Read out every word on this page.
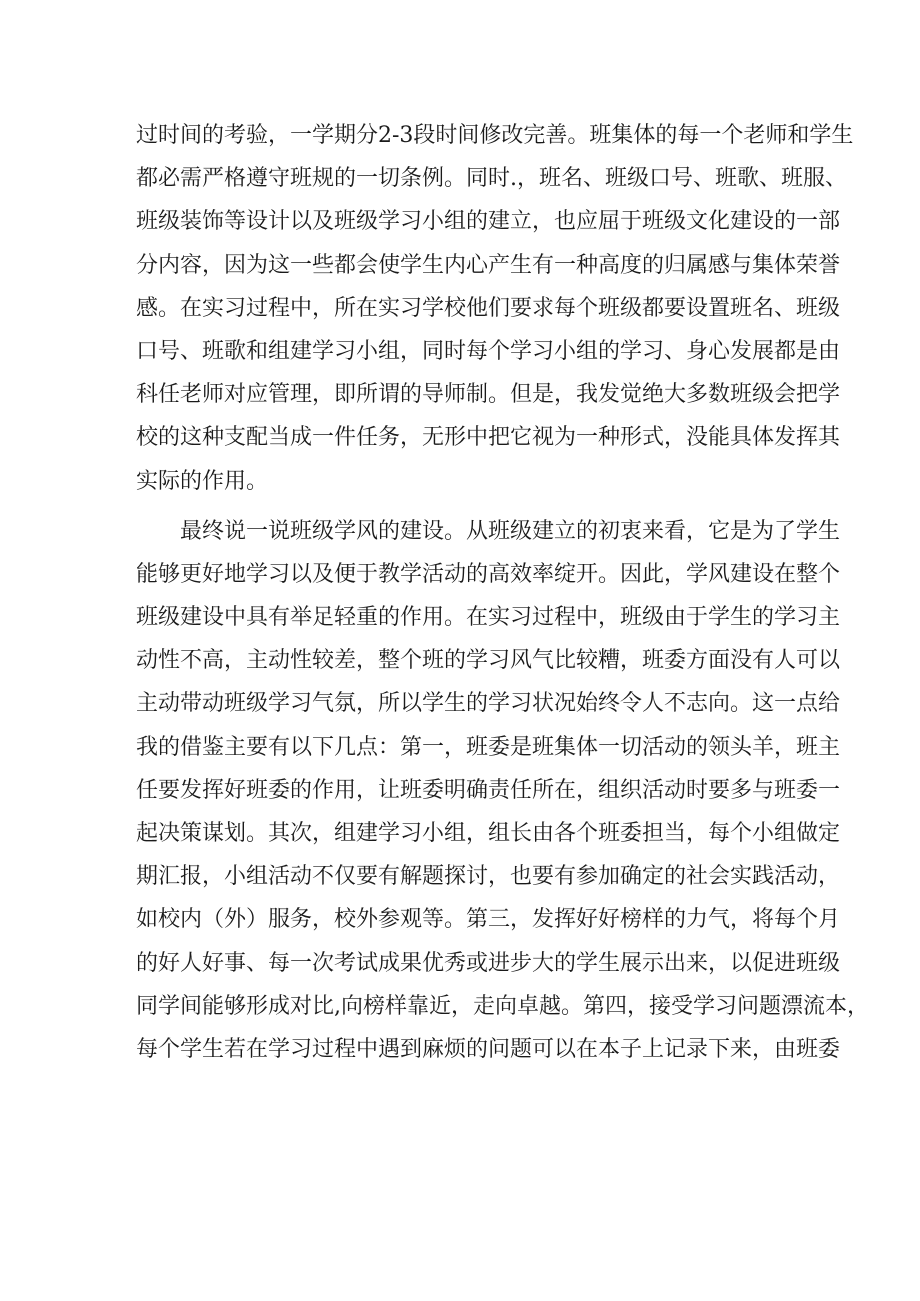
过时间的考验，一学期分2-3段时间修改完善。班集体的每一个老师和学生
都必需严格遵守班规的一切条例。同时.，班名、班级口号、班歌、班服、
班级装饰等设计以及班级学习小组的建立，也应屈于班级文化建设的一部
分内容，因为这一些都会使学生内心产生有一种高度的归属感与集体荣誉
感。在实习过程中，所在实习学校他们要求每个班级都要设置班名、班级
口号、班歌和组建学习小组，同时每个学习小组的学习、身心发展都是由
科任老师对应管理，即所谓的导师制。但是，我发觉绝大多数班级会把学
校的这种支配当成一件任务，无形中把它视为一种形式，没能具体发挥其
实际的作用。
最终说一说班级学风的建设。从班级建立的初衷来看，它是为了学生
能够更好地学习以及便于教学活动的高效率绽开。因此，学风建设在整个
班级建设中具有举足轻重的作用。在实习过程中，班级由于学生的学习主
动性不高，主动性较差，整个班的学习风气比较糟，班委方面没有人可以
主动带动班级学习气氛，所以学生的学习状况始终令人不志向。这一点给
我的借鉴主要有以下几点：第一，班委是班集体一切活动的领头羊，班主
任要发挥好班委的作用，让班委明确责任所在，组织活动时要多与班委一
起决策谋划。其次，组建学习小组，组长由各个班委担当，每个小组做定
期汇报，小组活动不仅要有解题探讨，也要有参加确定的社会实践活动，
如校内（外）服务，校外参观等。第三，发挥好好榜样的力气，将每个月
的好人好事、每一次考试成果优秀或进步大的学生展示出来，以促进班级
同学间能够形成对比,向榜样靠近，走向卓越。第四，接受学习问题漂流本，
每个学生若在学习过程中遇到麻烦的问题可以在本子上记录下来，由班委
